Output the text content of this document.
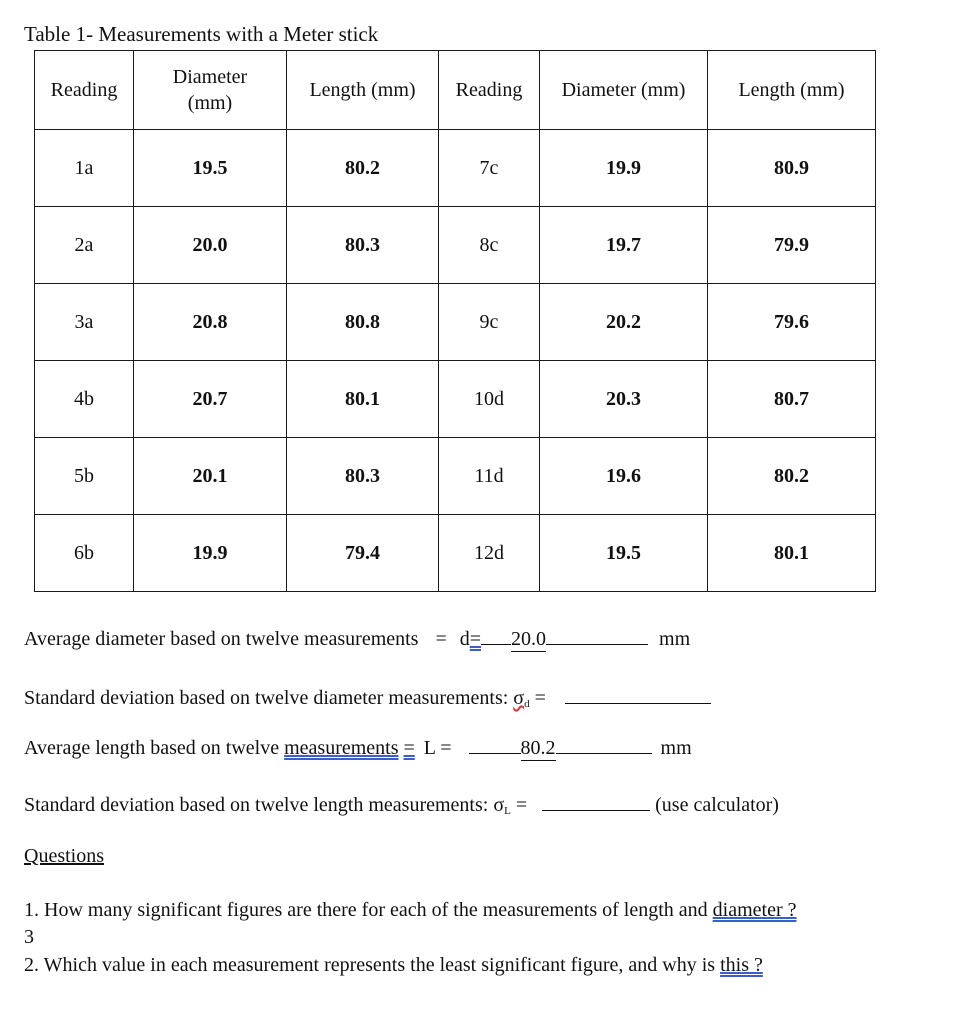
Table 1- Measurements with a Meter stick
Reading	Diameter (mm)	Length (mm)	Reading	Diameter (mm)	Length (mm)
1a	19.5	80.2	7c	19.9	80.9
2a	20.0	80.3	8c	19.7	79.9
3a	20.8	80.8	9c	20.2	79.6
4b	20.7	80.1	10d	20.3	80.7
5b	20.1	80.3	11d	19.6	80.2
6b	19.9	79.4	12d	19.5	80.1
Average diameter based on twelve measurements = d= 20.0	mm
Standard deviation based on twelve diameter measurements: $\sigma_d$ =
Average length based on twelve measurements = L =	80.2	mm
Standard deviation based on twelve length measurements: $\sigma_L$ =	(use calculator)
Questions
1. How many significant figures are there for each of the measurements of length and diameter ?
3
2. Which value in each measurement represents the least significant figure, and why is this ?
